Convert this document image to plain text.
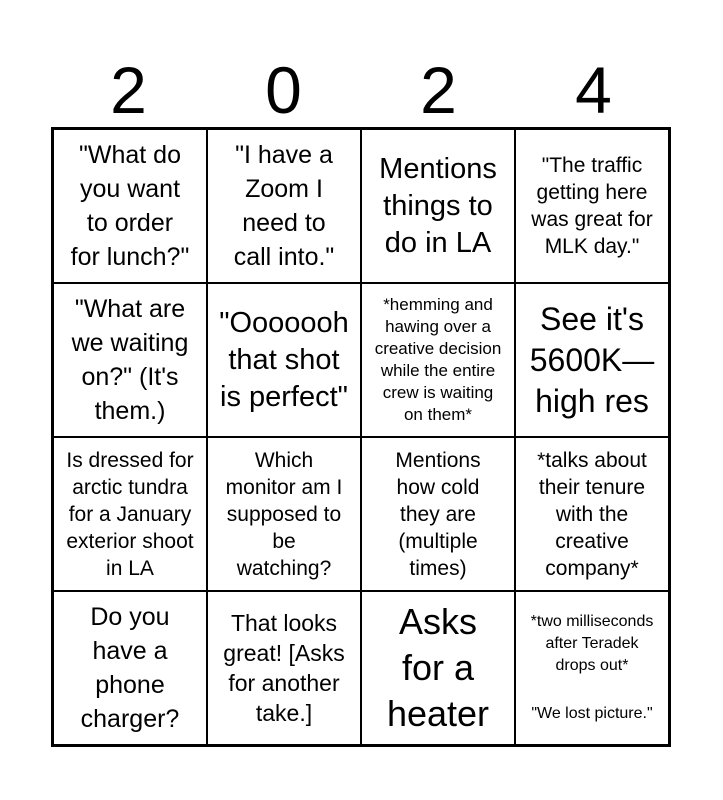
2	0	2	4
"What do
you want
to order
for lunch?"
"I have a
Zoom I
need to
call into."
Mentions
things to
do in LA
"The traffic
getting here
was great for
MLK day."
"What are
we waiting
on?" (It's
them.)
"Ooooooh
that shot
is perfect"
*hemming and
hawing over a
creative decision
while the entire
crew is waiting
on them*
See it's
5600K—
high res
Is dressed for
arctic tundra
for a January
exterior shoot
in LA
Which
monitor am I
supposed to
be
watching?
Mentions
how cold
they are
(multiple
times)
*talks about
their tenure
with the
creative
company*
Do you
have a
phone
charger?
That looks
great! [Asks
for another
take.]
Asks
for a
heater
*two milliseconds
after Teradek
drops out*
"We lost picture."
